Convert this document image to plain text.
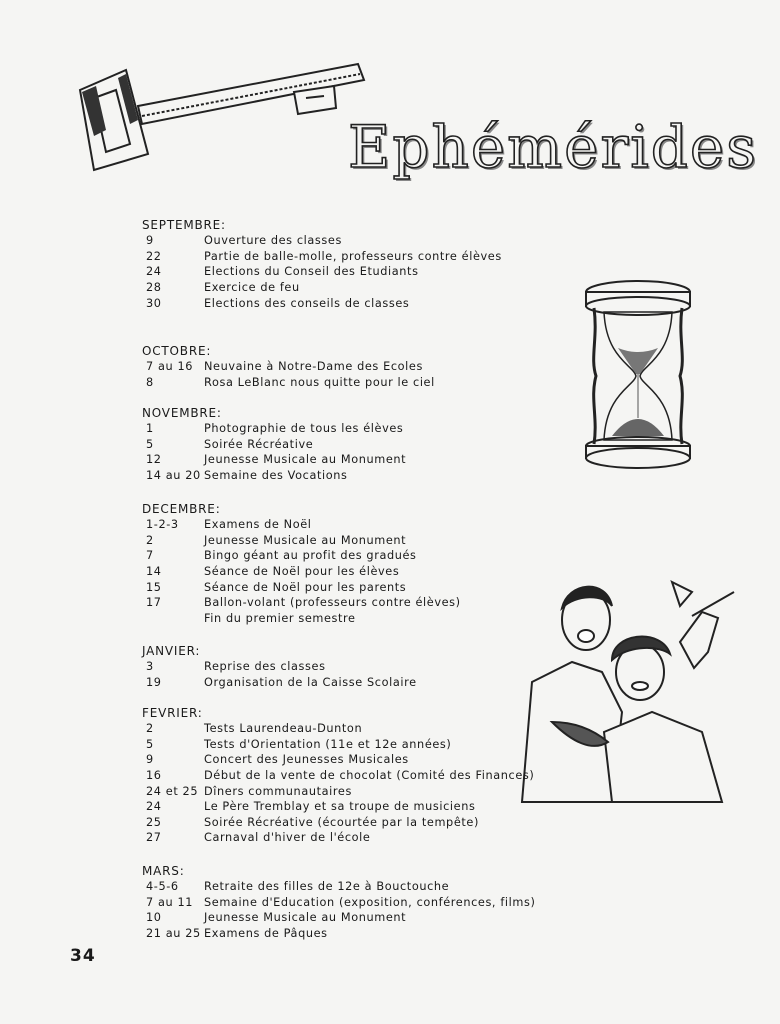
Ephémérides
SEPTEMBRE:
9	Ouverture des classes
22	Partie de balle-molle, professeurs contre élèves
24	Elections du Conseil des Etudiants
28	Exercice de feu
30	Elections des conseils de classes
OCTOBRE:
7 au 16 Neuvaine à Notre-Dame des Ecoles
8	Rosa LeBlanc nous quitte pour le ciel
NOVEMBRE:
1	Photographie de tous les élèves
5	Soirée Récréative
12	Jeunesse Musicale au Monument
14 au 20 Semaine des Vocations
DECEMBRE:
1-2-3	Examens de Noël
2	Jeunesse Musicale au Monument
7	Bingo géant au profit des gradués
14	Séance de Noël pour les élèves
15	Séance de Noël pour les parents
17	Ballon-volant (professeurs contre élèves)
Fin du premier semestre
JANVIER:
3	Reprise des classes
19	Organisation de la Caisse Scolaire
FEVRIER:
2	Tests Laurendeau-Dunton
5	Tests d'Orientation (11e et 12e années)
9	Concert des Jeunesses Musicales
16	Début de la vente de chocolat (Comité des Finances)
24 et 25 Dîners communautaires
24	Le Père Tremblay et sa troupe de musiciens
25	Soirée Récréative (écourtée par la tempête)
27	Carnaval d'hiver de l'école
MARS:
4-5-6	Retraite des filles de 12e à Bouctouche
7 au 11 Semaine d'Education (exposition, conférences, films)
10	Jeunesse Musicale au Monument
21 au 25 Examens de Pâques
34
